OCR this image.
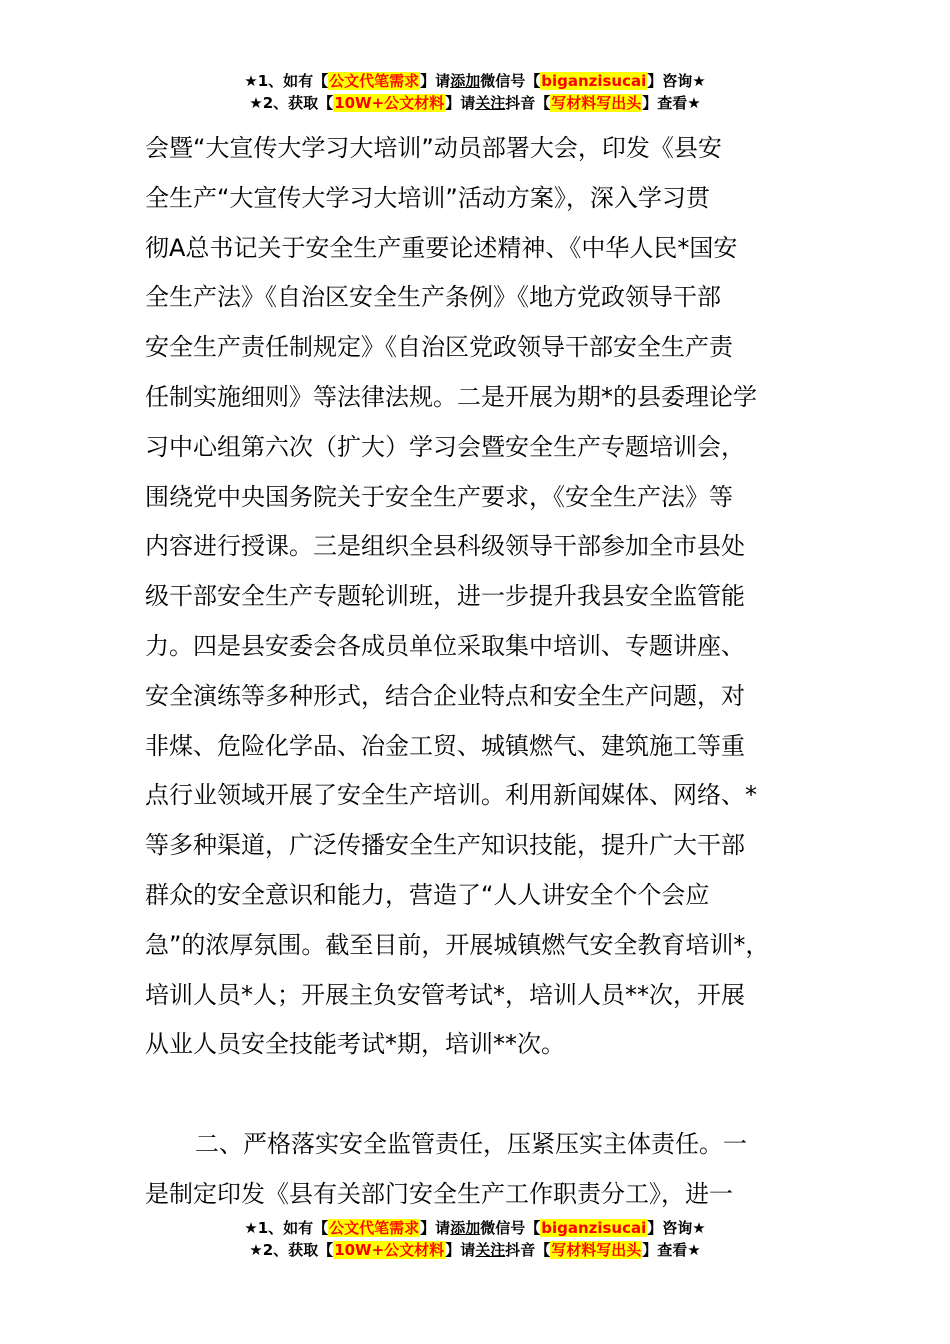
★1、如有【公文代笔需求】请添加微信号【biganzisucai】咨询★
★2、获取【10W+公文材料】请关注抖音【写材料写出头】查看★
会暨“大宣传大学习大培训”动员部署大会，印发《县安
全生产“大宣传大学习大培训”活动方案》，深入学习贯
彻A总书记关于安全生产重要论述精神、《中华人民*国安
全生产法》《自治区安全生产条例》《地方党政领导干部
安全生产责任制规定》《自治区党政领导干部安全生产责
任制实施细则》等法律法规。二是开展为期*的县委理论学
习中心组第六次（扩大）学习会暨安全生产专题培训会，
围绕党中央国务院关于安全生产要求，《安全生产法》等
内容进行授课。三是组织全县科级领导干部参加全市县处
级干部安全生产专题轮训班，进一步提升我县安全监管能
力。四是县安委会各成员单位采取集中培训、专题讲座、
安全演练等多种形式，结合企业特点和安全生产问题，对
非煤、危险化学品、冶金工贸、城镇燃气、建筑施工等重
点行业领域开展了安全生产培训。利用新闻媒体、网络、*
等多种渠道，广泛传播安全生产知识技能，提升广大干部
群众的安全意识和能力，营造了“人人讲安全个个会应
急”的浓厚氛围。截至目前，开展城镇燃气安全教育培训*，
培训人员*人；开展主负安管考试*，培训人员**次，开展
从业人员安全技能考试*期，培训**次。
二、严格落实安全监管责任，压紧压实主体责任。一
是制定印发《县有关部门安全生产工作职责分工》，进一
★1、如有【公文代笔需求】请添加微信号【biganzisucai】咨询★
★2、获取【10W+公文材料】请关注抖音【写材料写出头】查看★
